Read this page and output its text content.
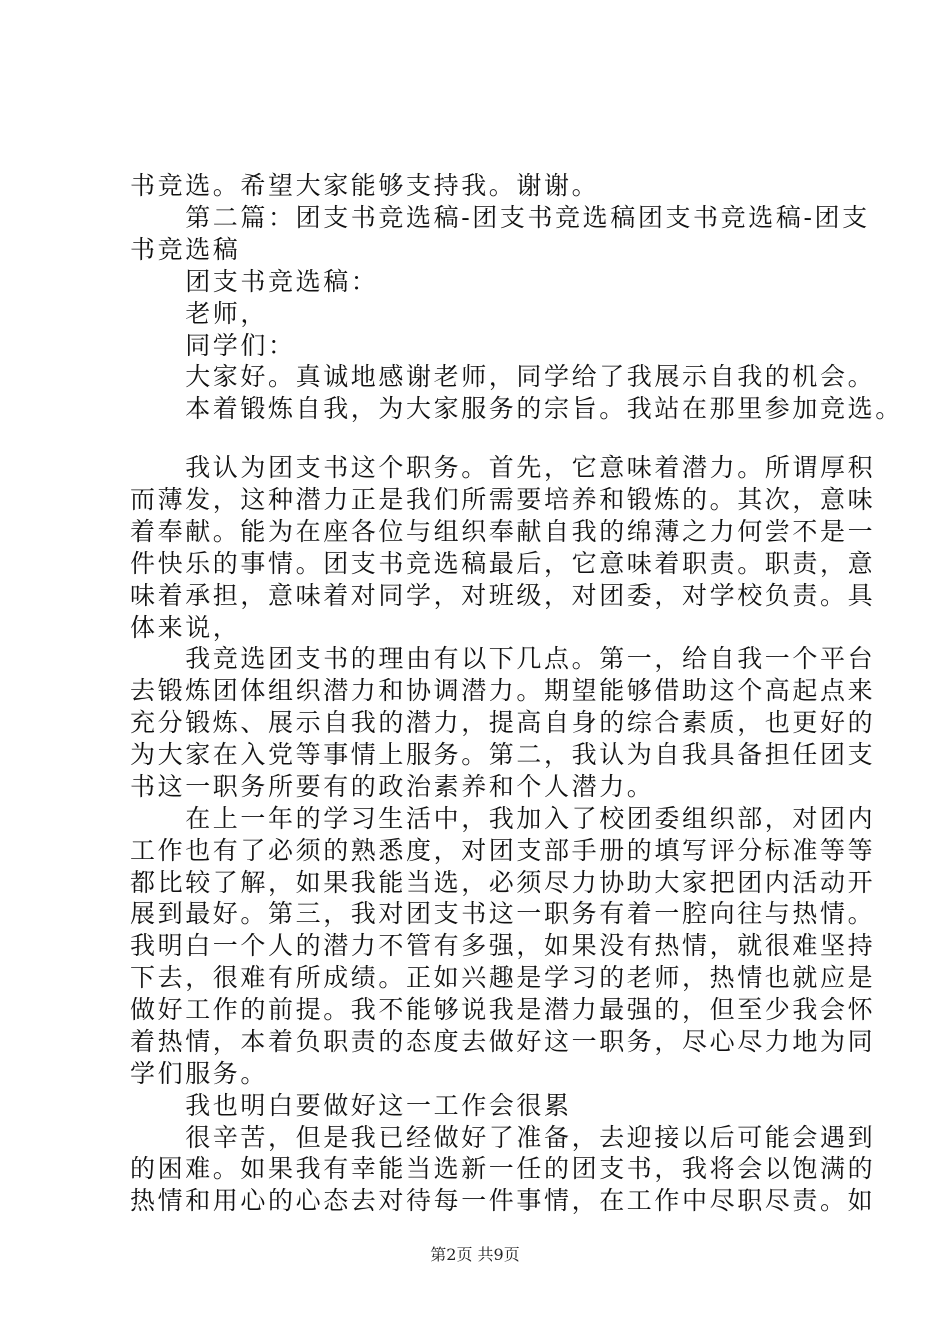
书竞选。希望大家能够支持我。谢谢。
　　第二篇：团支书竞选稿-团支书竞选稿团支书竞选稿-团支
书竞选稿
　　团支书竞选稿：
　　老师，
　　同学们：
　　大家好。真诚地感谢老师，同学给了我展示自我的机会。
　　本着锻炼自我，为大家服务的宗旨。我站在那里参加竞选。
　　我认为团支书这个职务。首先，它意味着潜力。所谓厚积
而薄发，这种潜力正是我们所需要培养和锻炼的。其次，意味
着奉献。能为在座各位与组织奉献自我的绵薄之力何尝不是一
件快乐的事情。团支书竞选稿最后，它意味着职责。职责，意
味着承担，意味着对同学，对班级，对团委，对学校负责。具
体来说，
　　我竞选团支书的理由有以下几点。第一，给自我一个平台
去锻炼团体组织潜力和协调潜力。期望能够借助这个高起点来
充分锻炼、展示自我的潜力，提高自身的综合素质，也更好的
为大家在入党等事情上服务。第二，我认为自我具备担任团支
书这一职务所要有的政治素养和个人潜力。
　　在上一年的学习生活中，我加入了校团委组织部，对团内
工作也有了必须的熟悉度，对团支部手册的填写评分标准等等
都比较了解，如果我能当选，必须尽力协助大家把团内活动开
展到最好。第三，我对团支书这一职务有着一腔向往与热情。
我明白一个人的潜力不管有多强，如果没有热情，就很难坚持
下去，很难有所成绩。正如兴趣是学习的老师，热情也就应是
做好工作的前提。我不能够说我是潜力最强的，但至少我会怀
着热情，本着负职责的态度去做好这一职务，尽心尽力地为同
学们服务。
　　我也明白要做好这一工作会很累
　　很辛苦，但是我已经做好了准备，去迎接以后可能会遇到
的困难。如果我有幸能当选新一任的团支书，我将会以饱满的
热情和用心的心态去对待每一件事情，在工作中尽职尽责。如
第2页 共9页
